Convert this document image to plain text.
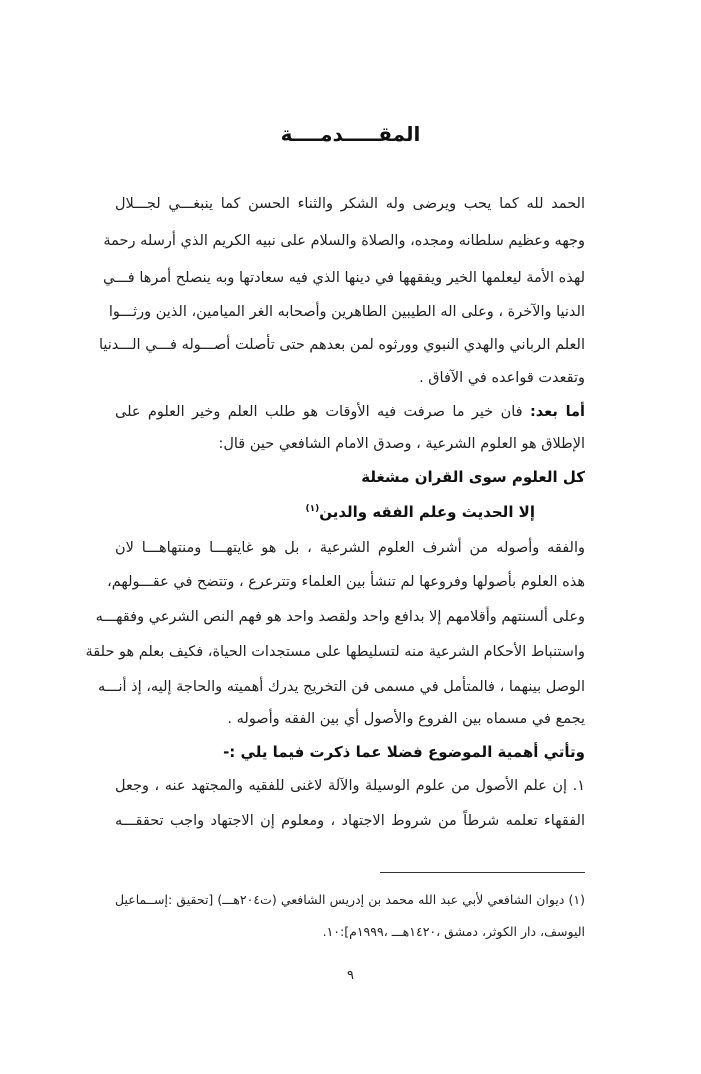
المقـــــدمــــة
الحمد لله كما يحب ويرضى وله الشكر والثناء الحسن كما ينبغـــي لجـــلال
وجهه وعظيم سلطانه ومجده، والصلاة والسلام على نبيه الكريم الذي أرسله رحمة
لهذه الأمة ليعلمها الخير ويفقهها في دينها الذي فيه سعادتها وبه ينصلح أمرها فـــي
الدنيا والآخرة ، وعلى اله الطيبين الطاهرين وأصحابه الغر الميامين، الذين ورثـــوا
العلم الرباني والهدي النبوي وورثوه لمن بعدهم حتى تأصلت أصـــوله فـــي الـــدنيا
وتقعدت قواعده في الآفاق .
أما بعد: فان خير ما صرفت فيه الأوقات هو طلب العلم وخير العلوم على
الإطلاق هو العلوم الشرعية ، وصدق الامام الشافعي حين قال:
كل العلوم سوى القران مشغلة
إلا الحديث وعلم الفقه والدين$^{(١)}$
والفقه وأصوله من أشرف العلوم الشرعية ، بل هو غايتهـــا ومنتهاهـــا لان
هذه العلوم بأصولها وفروعها لم تنشأ بين العلماء وتترعرع ، وتتضح في عقـــولهم،
وعلى ألسنتهم وأقلامهم إلا بدافع واحد ولقصد واحد هو فهم النص الشرعي وفقهـــه
واستنباط الأحكام الشرعية منه لتسليطها على مستجدات الحياة، فكيف بعلم هو حلقة
الوصل بينهما ، فالمتأمل في مسمى فن التخريج يدرك أهميته والحاجة إليه، إذ أنـــه
يجمع في مسماه بين الفروع والأصول أي بين الفقه وأصوله .
وتأتي أهمية الموضوع فضلا عما ذكرت فيما يلي :-
١. إن علم الأصول من علوم الوسيلة والآلة لاغنى للفقيه والمجتهد عنه ، وجعل
الفقهاء تعلمه شرطاً من شروط الاجتهاد ، ومعلوم إن الاجتهاد واجب تحققـــه
(١) ديوان الشافعي لأبي عبد الله محمد بن إدريس الشافعي (ت٢٠٤هـــ) [تحقيق :إســماعيل
اليوسف، دار الكوثر، دمشق ،١٤٢٠هـــ ،١٩٩٩م]:١٠.
٩
